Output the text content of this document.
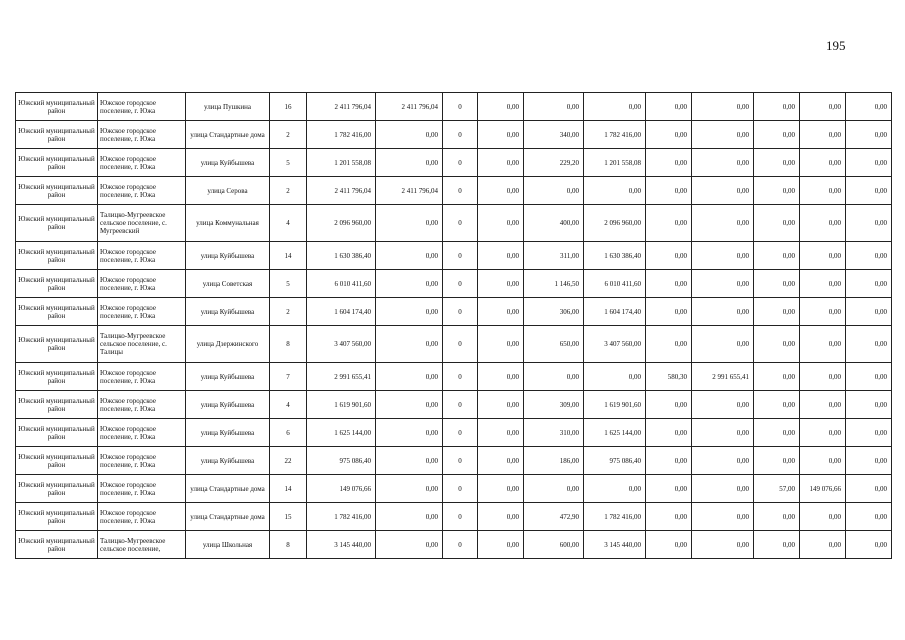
195
Южский муниципальный район	Южское городское поселение, г. Южа	улица Пушкина	16	2 411 796,04	2 411 796,04	0	0,00	0,00	0,00	0,00	0,00	0,00	0,00	0,00
Южский муниципальный район	Южское городское поселение, г. Южа	улица Стандартные дома	2	1 782 416,00	0,00	0	0,00	340,00	1 782 416,00	0,00	0,00	0,00	0,00	0,00
Южский муниципальный район	Южское городское поселение, г. Южа	улица Куйбышева	5	1 201 558,08	0,00	0	0,00	229,20	1 201 558,08	0,00	0,00	0,00	0,00	0,00
Южский муниципальный район	Южское городское поселение, г. Южа	улица Серова	2	2 411 796,04	2 411 796,04	0	0,00	0,00	0,00	0,00	0,00	0,00	0,00	0,00
Южский муниципальный район	Талицко-Мугреевское сельское поселение, с. Мугреевский	улица Коммунальная	4	2 096 960,00	0,00	0	0,00	400,00	2 096 960,00	0,00	0,00	0,00	0,00	0,00
Южский муниципальный район	Южское городское поселение, г. Южа	улица Куйбышева	14	1 630 386,40	0,00	0	0,00	311,00	1 630 386,40	0,00	0,00	0,00	0,00	0,00
Южский муниципальный район	Южское городское поселение, г. Южа	улица Советская	5	6 010 411,60	0,00	0	0,00	1 146,50	6 010 411,60	0,00	0,00	0,00	0,00	0,00
Южский муниципальный район	Южское городское поселение, г. Южа	улица Куйбышева	2	1 604 174,40	0,00	0	0,00	306,00	1 604 174,40	0,00	0,00	0,00	0,00	0,00
Южский муниципальный район	Талицко-Мугреевское сельское поселение, с. Талицы	улица Дзержинского	8	3 407 560,00	0,00	0	0,00	650,00	3 407 560,00	0,00	0,00	0,00	0,00	0,00
Южский муниципальный район	Южское городское поселение, г. Южа	улица Куйбышева	7	2 991 655,41	0,00	0	0,00	0,00	0,00	580,30	2 991 655,41	0,00	0,00	0,00
Южский муниципальный район	Южское городское поселение, г. Южа	улица Куйбышева	4	1 619 901,60	0,00	0	0,00	309,00	1 619 901,60	0,00	0,00	0,00	0,00	0,00
Южский муниципальный район	Южское городское поселение, г. Южа	улица Куйбышева	6	1 625 144,00	0,00	0	0,00	310,00	1 625 144,00	0,00	0,00	0,00	0,00	0,00
Южский муниципальный район	Южское городское поселение, г. Южа	улица Куйбышева	22	975 086,40	0,00	0	0,00	186,00	975 086,40	0,00	0,00	0,00	0,00	0,00
Южский муниципальный район	Южское городское поселение, г. Южа	улица Стандартные дома	14	149 076,66	0,00	0	0,00	0,00	0,00	0,00	0,00	57,00	149 076,66	0,00
Южский муниципальный район	Южское городское поселение, г. Южа	улица Стандартные дома	15	1 782 416,00	0,00	0	0,00	472,90	1 782 416,00	0,00	0,00	0,00	0,00	0,00
Южский муниципальный район	Талицко-Мугреевское сельское поселение,	улица Школьная	8	3 145 440,00	0,00	0	0,00	600,00	3 145 440,00	0,00	0,00	0,00	0,00	0,00
